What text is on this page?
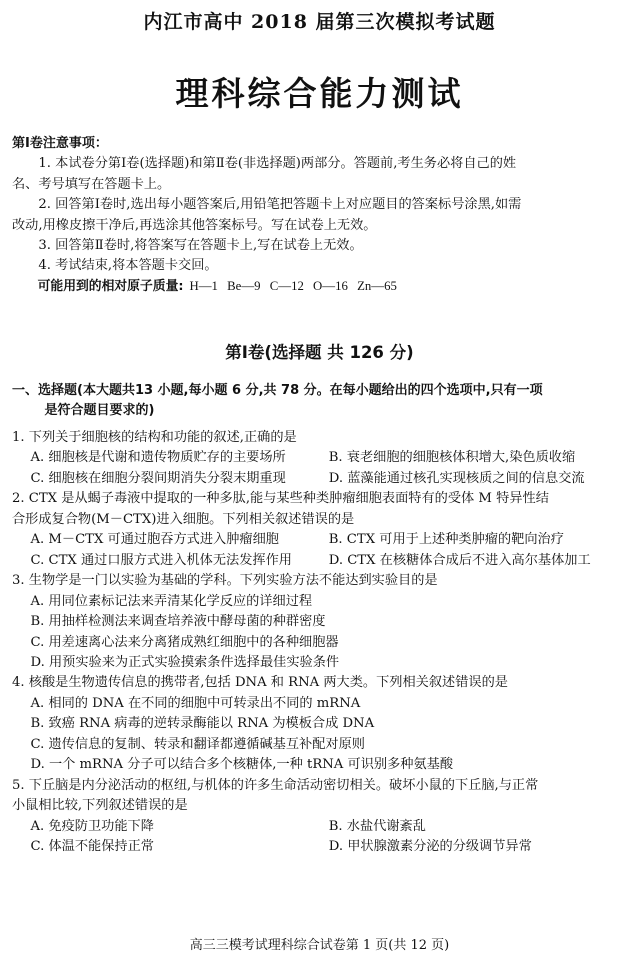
内江市高中 2018 届第三次模拟考试题
理科综合能力测试
第Ⅰ卷注意事项：
1. 本试卷分第Ⅰ卷(选择题)和第Ⅱ卷(非选择题)两部分。答题前,考生务必将自己的姓
名、考号填写在答题卡上。
2. 回答第Ⅰ卷时,选出每小题答案后,用铅笔把答题卡上对应题目的答案标号涂黑,如需
改动,用橡皮擦干净后,再选涂其他答案标号。写在试卷上无效。
3. 回答第Ⅱ卷时,将答案写在答题卡上,写在试卷上无效。
4. 考试结束,将本答题卡交回。
可能用到的相对原子质量: H—1 Be—9 C—12 O—16 Zn—65
第Ⅰ卷(选择题 共 126 分)
一、选择题(本大题共13 小题,每小题 6 分,共 78 分。在每小题给出的四个选项中,只有一项
是符合题目要求的)
1. 下列关于细胞核的结构和功能的叙述,正确的是
A. 细胞核是代谢和遗传物质贮存的主要场所	B. 衰老细胞的细胞核体积增大,染色质收缩
C. 细胞核在细胞分裂间期消失分裂末期重现	D. 蓝藻能通过核孔实现核质之间的信息交流
2. CTX 是从蝎子毒液中提取的一种多肽,能与某些种类肿瘤细胞表面特有的受体 M 特异性结
合形成复合物(M－CTX)进入细胞。下列相关叙述错误的是
A. M－CTX 可通过胞吞方式进入肿瘤细胞	B. CTX 可用于上述种类肿瘤的靶向治疗
C. CTX 通过口服方式进入机体无法发挥作用	D. CTX 在核糖体合成后不进入高尔基体加工
3. 生物学是一门以实验为基础的学科。下列实验方法不能达到实验目的是
A. 用同位素标记法来弄清某化学反应的详细过程
B. 用抽样检测法来调查培养液中酵母菌的种群密度
C. 用差速离心法来分离猪成熟红细胞中的各种细胞器
D. 用预实验来为正式实验摸索条件选择最佳实验条件
4. 核酸是生物遗传信息的携带者,包括 DNA 和 RNA 两大类。下列相关叙述错误的是
A. 相同的 DNA 在不同的细胞中可转录出不同的 mRNA
B. 致癌 RNA 病毒的逆转录酶能以 RNA 为模板合成 DNA
C. 遗传信息的复制、转录和翻译都遵循碱基互补配对原则
D. 一个 mRNA 分子可以结合多个核糖体,一种 tRNA 可识别多种氨基酸
5. 下丘脑是内分泌活动的枢纽,与机体的许多生命活动密切相关。破坏小鼠的下丘脑,与正常
小鼠相比较,下列叙述错误的是
A. 免疫防卫功能下降	B. 水盐代谢紊乱
C. 体温不能保持正常	D. 甲状腺激素分泌的分级调节异常
高三三模考试理科综合试卷第 1 页(共 12 页)
